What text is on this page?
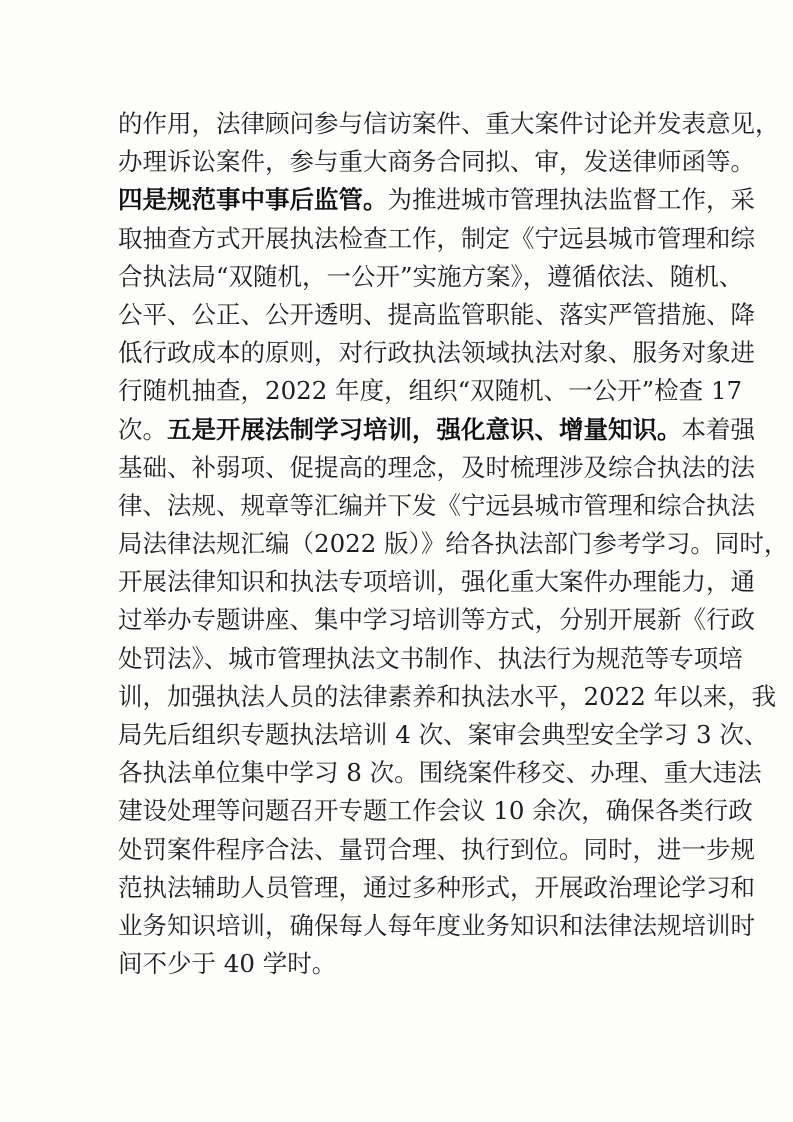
的作用，法律顾问参与信访案件、重大案件讨论并发表意见，
办理诉讼案件，参与重大商务合同拟、审，发送律师函等。
四是规范事中事后监管。为推进城市管理执法监督工作，采
取抽查方式开展执法检查工作，制定《宁远县城市管理和综
合执法局“双随机，一公开”实施方案》，遵循依法、随机、
公平、公正、公开透明、提高监管职能、落实严管措施、降
低行政成本的原则，对行政执法领域执法对象、服务对象进
行随机抽查，2022 年度，组织“双随机、一公开”检查 17
次。五是开展法制学习培训，强化意识、增量知识。本着强
基础、补弱项、促提高的理念，及时梳理涉及综合执法的法
律、法规、规章等汇编并下发《宁远县城市管理和综合执法
局法律法规汇编（2022 版）》给各执法部门参考学习。同时，
开展法律知识和执法专项培训，强化重大案件办理能力，通
过举办专题讲座、集中学习培训等方式，分别开展新《行政
处罚法》、城市管理执法文书制作、执法行为规范等专项培
训，加强执法人员的法律素养和执法水平，2022 年以来，我
局先后组织专题执法培训 4 次、案审会典型安全学习 3 次、
各执法单位集中学习 8 次。围绕案件移交、办理、重大违法
建设处理等问题召开专题工作会议 10 余次，确保各类行政
处罚案件程序合法、量罚合理、执行到位。同时，进一步规
范执法辅助人员管理，通过多种形式，开展政治理论学习和
业务知识培训，确保每人每年度业务知识和法律法规培训时
间不少于 40 学时。
